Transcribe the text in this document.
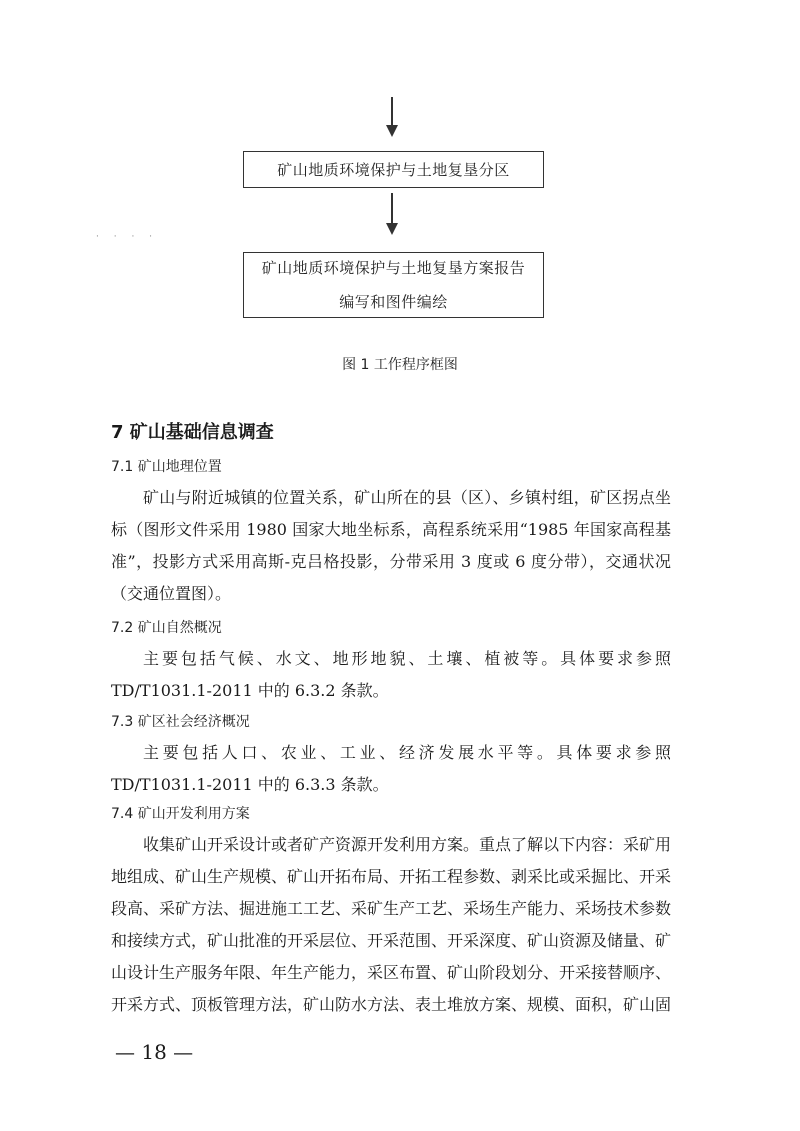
矿山地质环境保护与土地复垦分区
· · · ·
矿山地质环境保护与土地复垦方案报告
编写和图件编绘
图 1 工作程序框图
7 矿山基础信息调查
7.1 矿山地理位置

矿山与附近城镇的位置关系，矿山所在的县（区）、乡镇村组，矿区拐点坐标（图形文件采用 1980 国家大地坐标系，高程系统采用“1985 年国家高程基准”，投影方式采用高斯-克吕格投影，分带采用 3 度或 6 度分带），交通状况（交通位置图）。

7.2 矿山自然概况

主要包括气候、水文、地形地貌、土壤、植被等。具体要求参照TD/T1031.1-2011 中的 6.3.2 条款。

7.3 矿区社会经济概况

主要包括人口、农业、工业、经济发展水平等。具体要求参照TD/T1031.1-2011 中的 6.3.3 条款。

7.4 矿山开发利用方案

收集矿山开采设计或者矿产资源开发利用方案。重点了解以下内容：采矿用地组成、矿山生产规模、矿山开拓布局、开拓工程参数、剥采比或采掘比、开采段高、采矿方法、掘进施工工艺、采矿生产工艺、采场生产能力、采场技术参数和接续方式，矿山批准的开采层位、开采范围、开采深度、矿山资源及储量、矿山设计生产服务年限、年生产能力，采区布置、矿山阶段划分、开采接替顺序、开采方式、顶板管理方法，矿山防水方法、表土堆放方案、规模、面积，矿山固

— 18 —
